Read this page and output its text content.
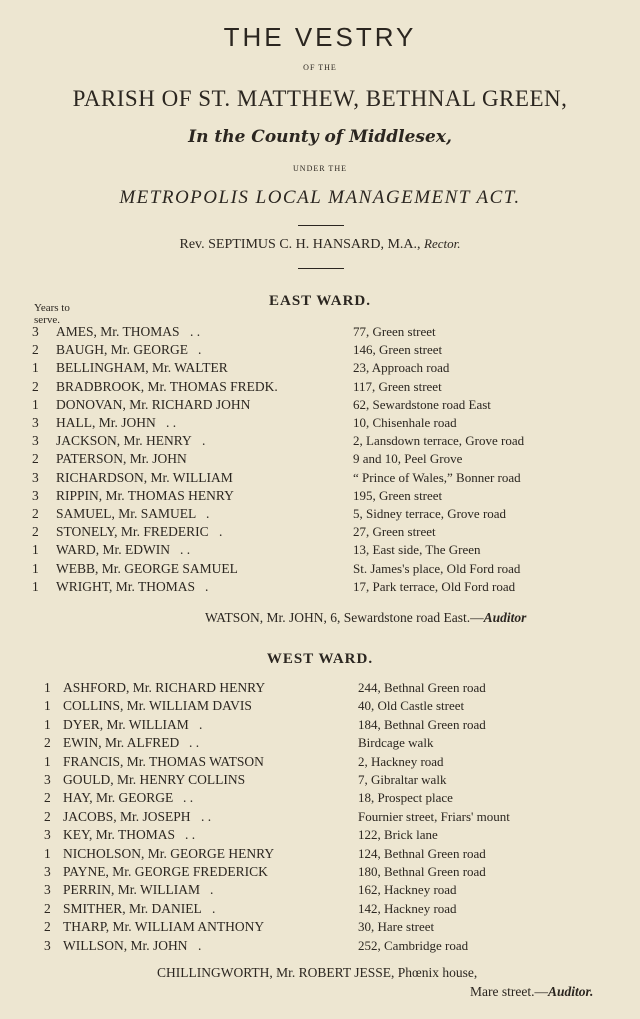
THE VESTRY
OF THE
PARISH OF ST. MATTHEW, BETHNAL GREEN,
In the County of Middlesex,
UNDER THE
METROPOLIS LOCAL MANAGEMENT ACT.
Rev. SEPTIMUS C. H. HANSARD, M.A., Rector.
Years to serve.
EAST WARD.
3 AMES, Mr. THOMAS . .	77, Green street
2 BAUGH, Mr. GEORGE .	146, Green street
1 BELLINGHAM, Mr. WALTER	23, Approach road
2 BRADBROOK, Mr. THOMAS FREDK.	117, Green street
1 DONOVAN, Mr. RICHARD JOHN	62, Sewardstone road East
3 HALL, Mr. JOHN . .	10, Chisenhale road
3 JACKSON, Mr. HENRY .	2, Lansdown terrace, Grove road
2 PATERSON, Mr. JOHN	9 and 10, Peel Grove
3 RICHARDSON, Mr. WILLIAM	“ Prince of Wales,” Bonner road
3 RIPPIN, Mr. THOMAS HENRY	195, Green street
2 SAMUEL, Mr. SAMUEL .	5, Sidney terrace, Grove road
2 STONELY, Mr. FREDERIC .	27, Green street
1 WARD, Mr. EDWIN . .	13, East side, The Green
1 WEBB, Mr. GEORGE SAMUEL	St. James's place, Old Ford road
1 WRIGHT, Mr. THOMAS .	17, Park terrace, Old Ford road
WATSON, Mr. JOHN, 6, Sewardstone road East.—Auditor
WEST WARD.
1 ASHFORD, Mr. RICHARD HENRY	244, Bethnal Green road
1 COLLINS, Mr. WILLIAM DAVIS	40, Old Castle street
1 DYER, Mr. WILLIAM .	184, Bethnal Green road
2 EWIN, Mr. ALFRED . .	Birdcage walk
1 FRANCIS, Mr. THOMAS WATSON	2, Hackney road
3 GOULD, Mr. HENRY COLLINS	7, Gibraltar walk
2 HAY, Mr. GEORGE . .	18, Prospect place
2 JACOBS, Mr. JOSEPH . .	Fournier street, Friars' mount
3 KEY, Mr. THOMAS . .	122, Brick lane
1 NICHOLSON, Mr. GEORGE HENRY	124, Bethnal Green road
3 PAYNE, Mr. GEORGE FREDERICK	180, Bethnal Green road
3 PERRIN, Mr. WILLIAM .	162, Hackney road
2 SMITHER, Mr. DANIEL .	142, Hackney road
2 THARP, Mr. WILLIAM ANTHONY	30, Hare street
3 WILLSON, Mr. JOHN .	252, Cambridge road
CHILLINGWORTH, Mr. ROBERT JESSE, Phœnix house,
Mare street.—Auditor.
